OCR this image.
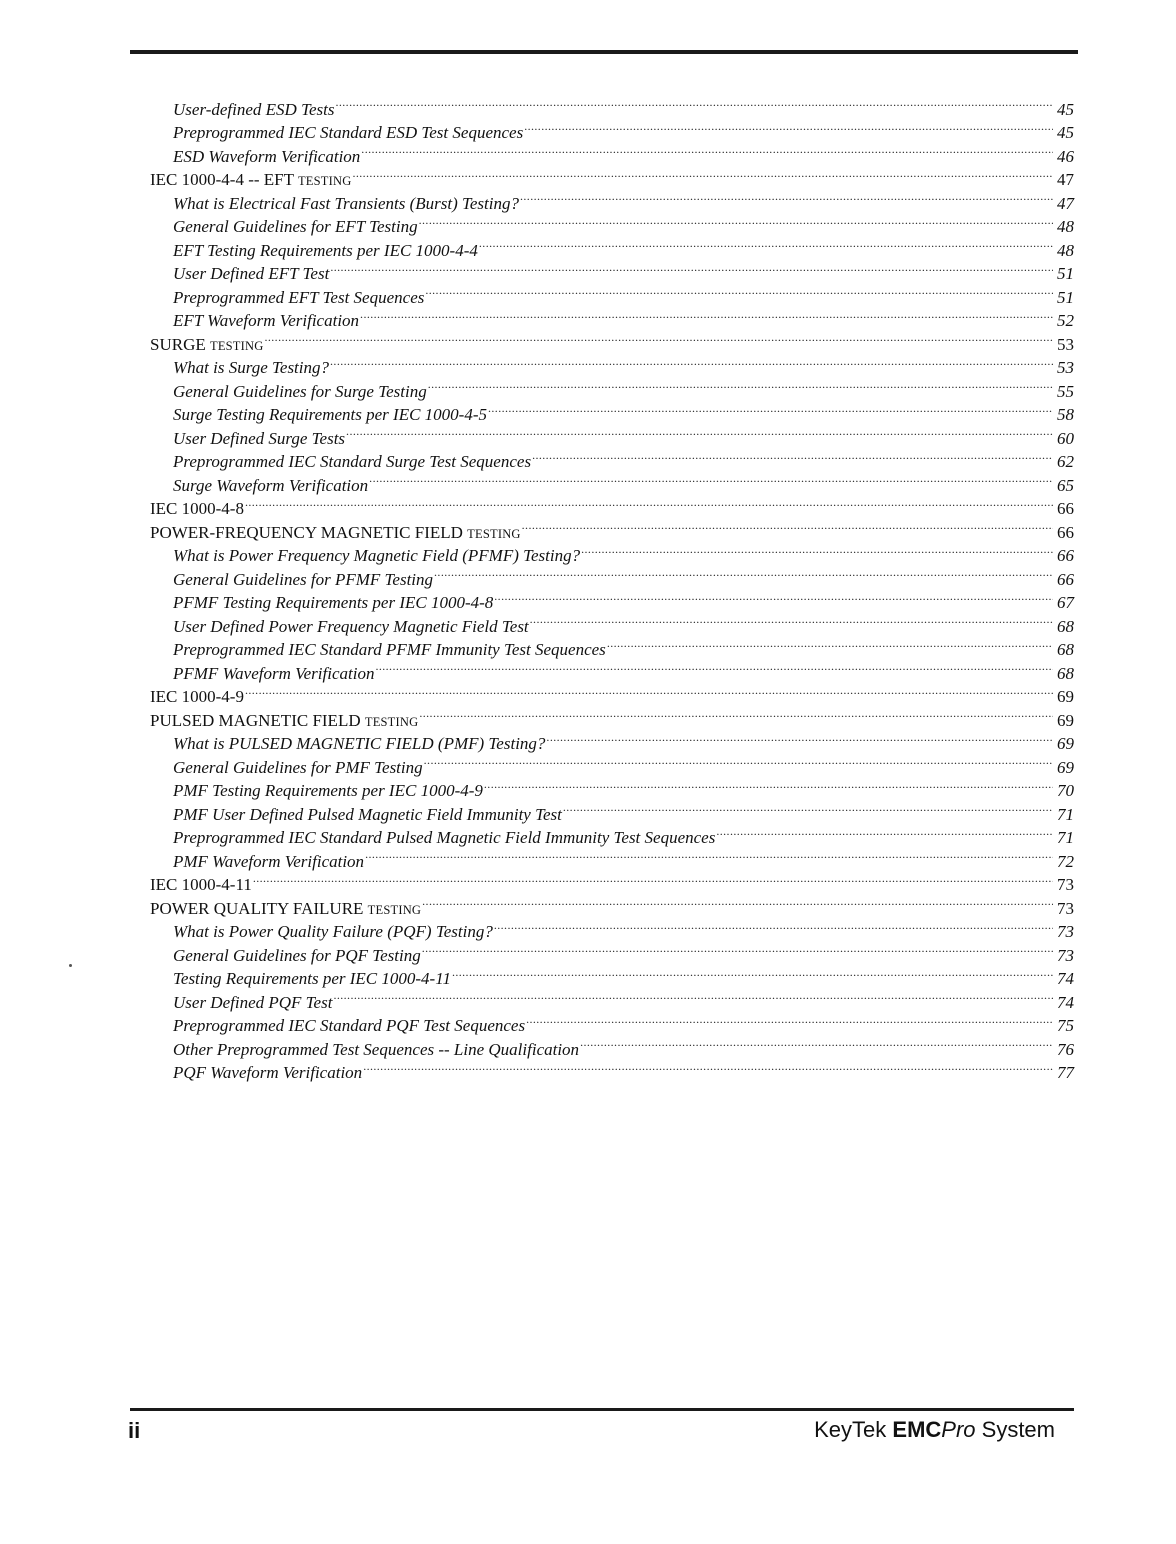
User-defined ESD Tests .....	45
Preprogrammed IEC Standard ESD Test Sequences .....	45
ESD Waveform Verification .....	46
IEC 1000-4-4 -- EFT TESTING .....	47
What is Electrical Fast Transients (Burst) Testing? .....	47
General Guidelines for EFT Testing .....	48
EFT Testing Requirements per IEC 1000-4-4 .....	48
User Defined EFT Test .....	51
Preprogrammed EFT Test Sequences .....	51
EFT Waveform Verification .....	52
SURGE TESTING .....	53
What is Surge Testing? .....	53
General Guidelines for Surge Testing .....	55
Surge Testing Requirements per IEC 1000-4-5 .....	58
User Defined Surge Tests .....	60
Preprogrammed IEC Standard Surge Test Sequences .....	62
Surge Waveform Verification .....	65
IEC 1000-4-8 .....	66
POWER-FREQUENCY MAGNETIC FIELD TESTING .....	66
What is Power Frequency Magnetic Field (PFMF) Testing? .....	66
General Guidelines for PFMF Testing .....	66
PFMF Testing Requirements per IEC 1000-4-8 .....	67
User Defined Power Frequency Magnetic Field Test .....	68
Preprogrammed IEC Standard PFMF Immunity Test Sequences .....	68
PFMF Waveform Verification .....	68
IEC 1000-4-9 .....	69
PULSED MAGNETIC FIELD TESTING .....	69
What is PULSED MAGNETIC FIELD (PMF) Testing? .....	69
General Guidelines for PMF Testing .....	69
PMF Testing Requirements per IEC 1000-4-9 .....	70
PMF User Defined Pulsed Magnetic Field Immunity Test .....	71
Preprogrammed IEC Standard Pulsed Magnetic Field Immunity Test Sequences .....	71
PMF Waveform Verification .....	72
IEC 1000-4-11 .....	73
POWER QUALITY FAILURE TESTING .....	73
What is Power Quality Failure (PQF) Testing? .....	73
General Guidelines for PQF Testing .....	73
Testing Requirements per IEC 1000-4-11 .....	74
User Defined PQF Test .....	74
Preprogrammed IEC Standard PQF Test Sequences .....	75
Other Preprogrammed Test Sequences -- Line Qualification .....	76
PQF Waveform Verification .....	77
ii	KeyTek EMCPro System
